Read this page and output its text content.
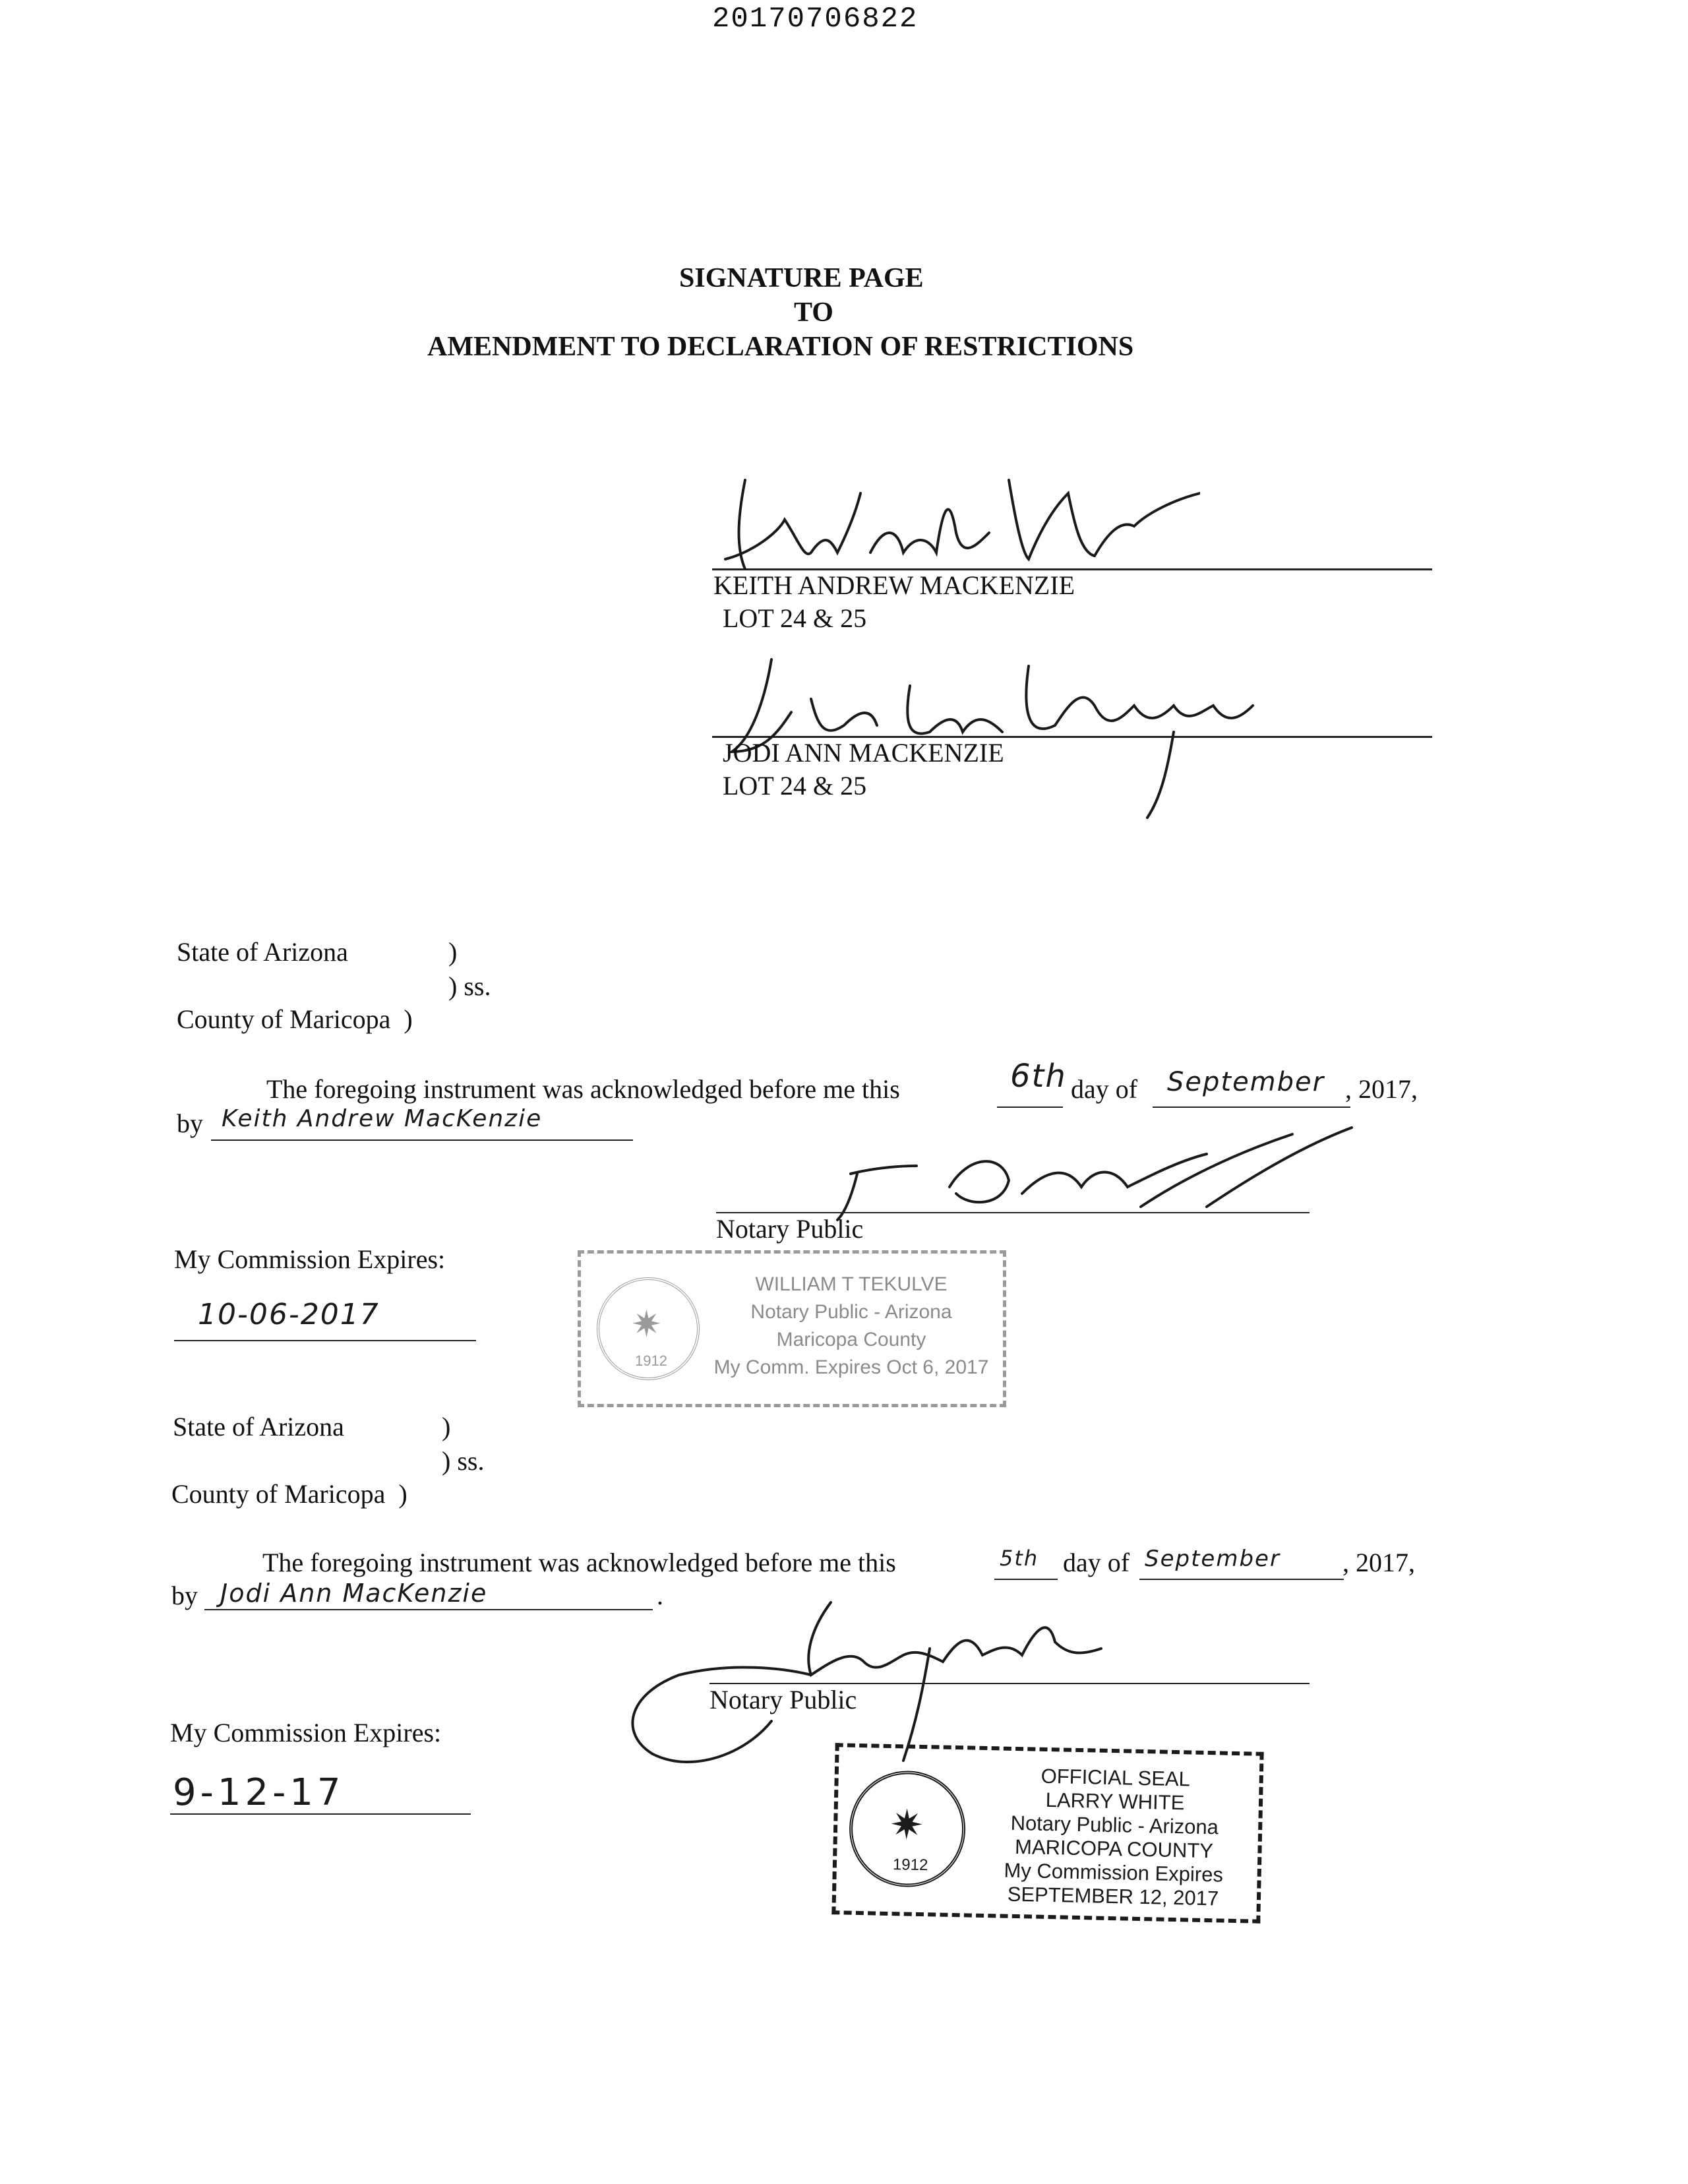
20170706822
SIGNATURE PAGE
TO
AMENDMENT TO DECLARATION OF RESTRICTIONS
KEITH ANDREW MACKENZIE
LOT 24 & 25
JODI ANN MACKENZIE
LOT 24 & 25
State of Arizona	)
) ss.
County of Maricopa )
The foregoing instrument was acknowledged before me this	6th day of September , 2017,
by Keith Andrew MacKenzie
Notary Public
My Commission Expires:
10-06-2017	✷
1912
WILLIAM T TEKULVE
Notary Public - Arizona
Maricopa County
My Comm. Expires Oct 6, 2017
State of Arizona	)
) ss.
County of Maricopa )
The foregoing instrument was acknowledged before me this	5th day of September , 2017,
by Jodi Ann MacKenzie	.
Notary Public
My Commission Expires:
9-12-17
✷
1912
OFFICIAL SEAL
LARRY WHITE
Notary Public - Arizona
MARICOPA COUNTY
My Commission Expires
SEPTEMBER 12, 2017
